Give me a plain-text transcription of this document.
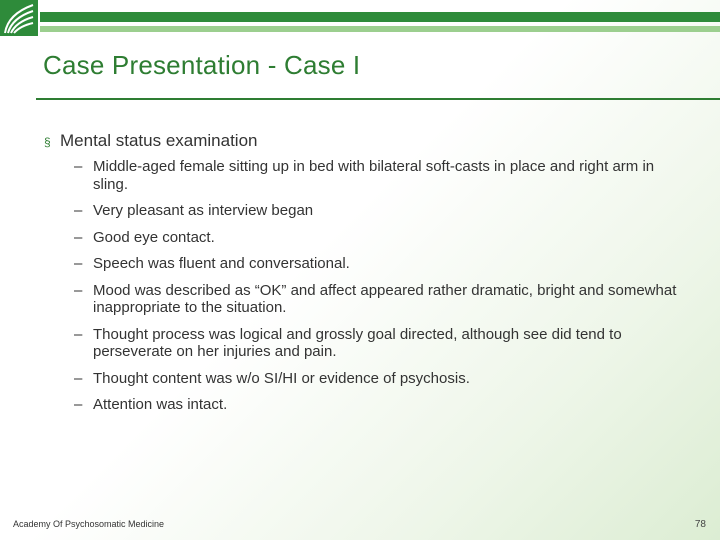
Case Presentation - Case I
§ Mental status examination
– Middle-aged female sitting up in bed with bilateral soft-casts in place and right arm in sling.
– Very pleasant as interview began
– Good eye contact.
– Speech was fluent and conversational.
– Mood was described as “OK” and affect appeared rather dramatic, bright and somewhat inappropriate to the situation.
– Thought process was logical and grossly goal directed, although see did tend to perseverate on her injuries and pain.
– Thought content was w/o SI/HI or evidence of psychosis.
– Attention was intact.
Academy Of Psychosomatic Medicine	78
